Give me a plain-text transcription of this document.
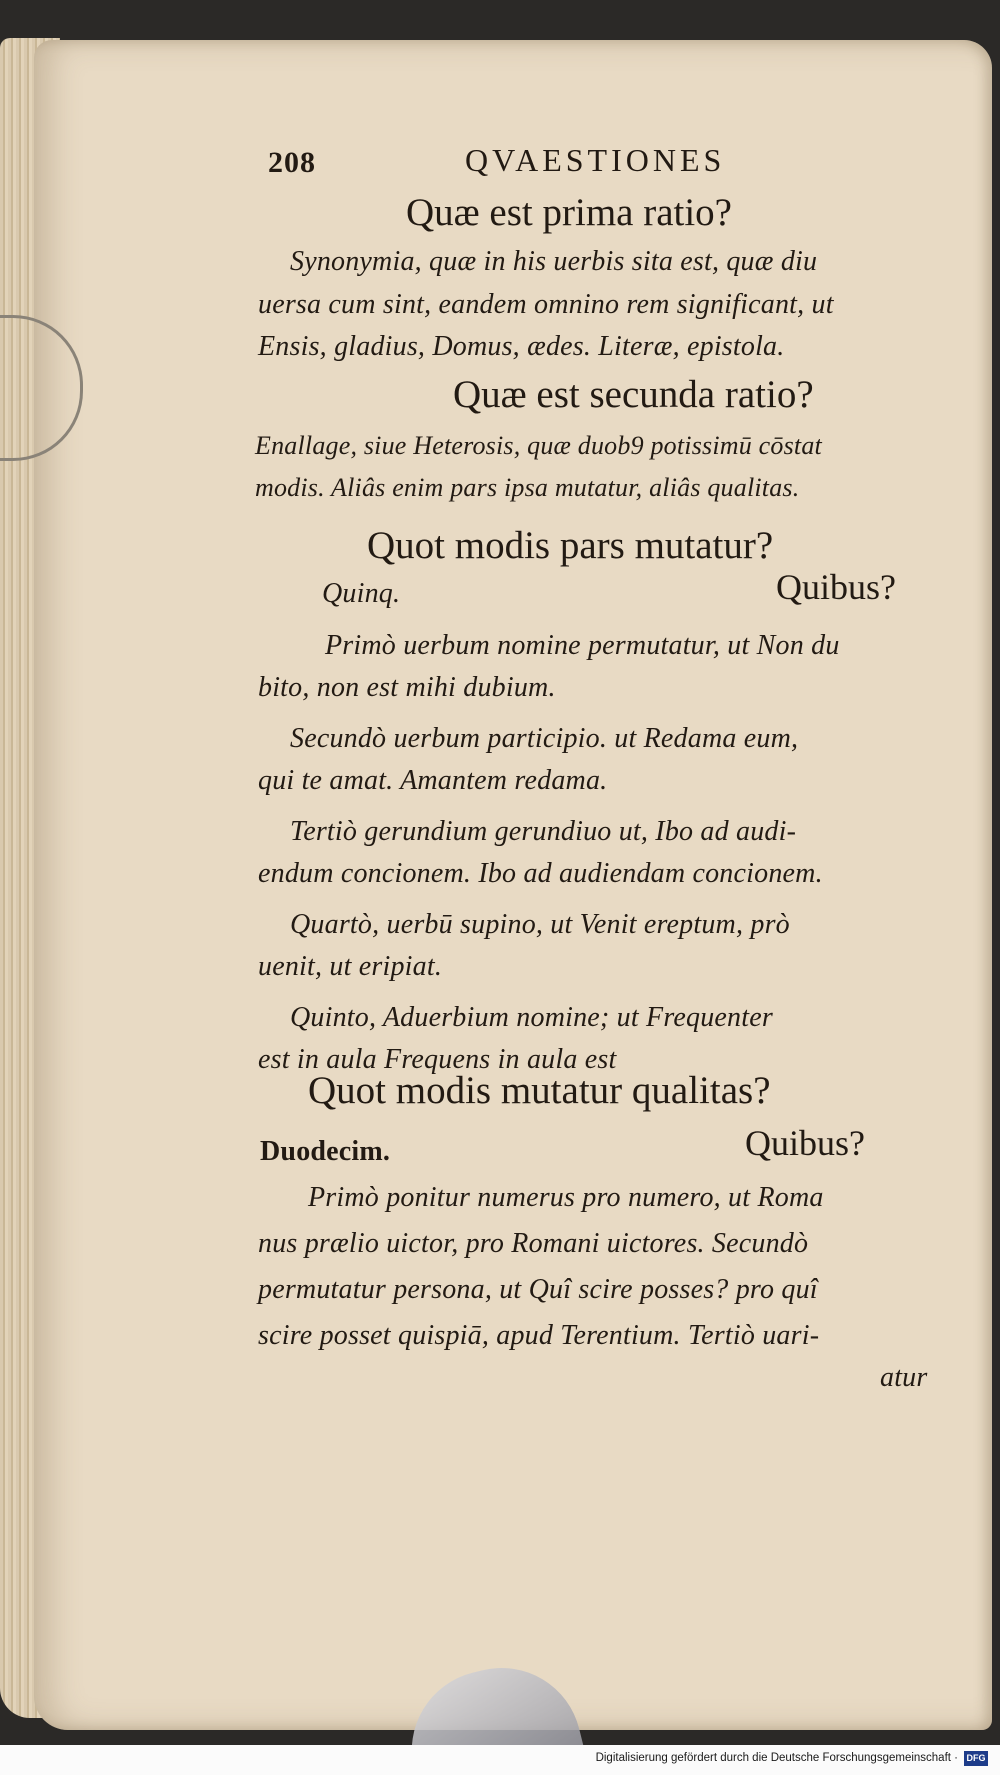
208	QVAESTIONES
Quæ est prima ratio?
Synonymia, quæ in his uerbis sita est, quæ diu
uersa cum sint, eandem omnino rem significant, ut
Ensis, gladius, Domus, ædes. Literæ, epistola.
Quæ est secunda ratio?
Enallage, siue Heterosis, quæ duob9 potissimū cōstat
modis. Aliâs enim pars ipsa mutatur, aliâs qualitas.
Quot modis pars mutatur?
Quinq.	Quibus?
Primò uerbum nomine permutatur, ut Non du
bito, non est mihi dubium.
Secundò uerbum participio. ut Redama eum,
qui te amat. Amantem redama.
Tertiò gerundium gerundiuo ut, Ibo ad audi-
endum concionem. Ibo ad audiendam concionem.
Quartò, uerbū supino, ut Venit ereptum, prò
uenit, ut eripiat.
Quinto, Aduerbium nomine; ut Frequenter
est in aula Frequens in aula est
Quot modis mutatur qualitas?
Duodecim.	Quibus?
Primò ponitur numerus pro numero, ut Roma
nus prælio uictor, pro Romani uictores. Secundò
permutatur persona, ut Quî scire posses? pro quî
scire posset quispiā, apud Terentium. Tertiò uari-
atur
Digitalisierung gefördert durch die Deutsche Forschungsgemeinschaft · DFG
